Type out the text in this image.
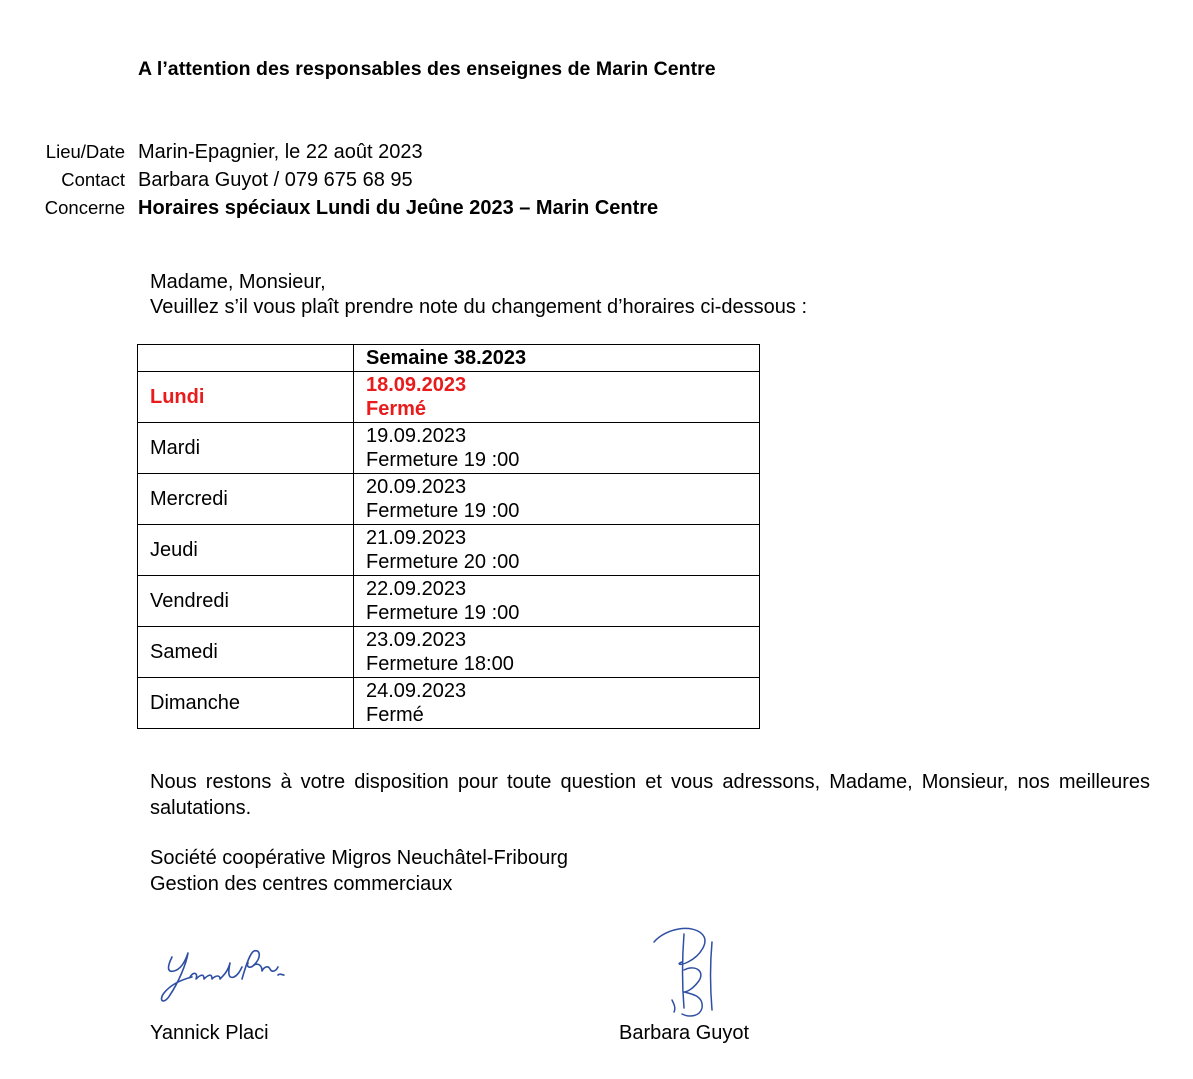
A l’attention des responsables des enseignes de Marin Centre
Lieu/Date Marin-Epagnier, le 22 août 2023
Contact Barbara Guyot / 079 675 68 95
Concerne Horaires spéciaux Lundi du Jeûne 2023 – Marin Centre
Madame, Monsieur,
Veuillez s’il vous plaît prendre note du changement d’horaires ci-dessous :
	Semaine 38.2023
Lundi	18.09.2023
Fermé

Mardi	19.09.2023
Fermeture 19 :00

Mercredi	20.09.2023
Fermeture 19 :00

Jeudi	21.09.2023
Fermeture 20 :00

Vendredi	22.09.2023
Fermeture 19 :00

Samedi	23.09.2023
Fermeture 18:00

Dimanche	24.09.2023
Fermé
Nous restons à votre disposition pour toute question et vous adressons, Madame, Monsieur, nos meilleures salutations.
Société coopérative Migros Neuchâtel-Fribourg
Gestion des centres commerciaux
Yannick Placi	Barbara Guyot
